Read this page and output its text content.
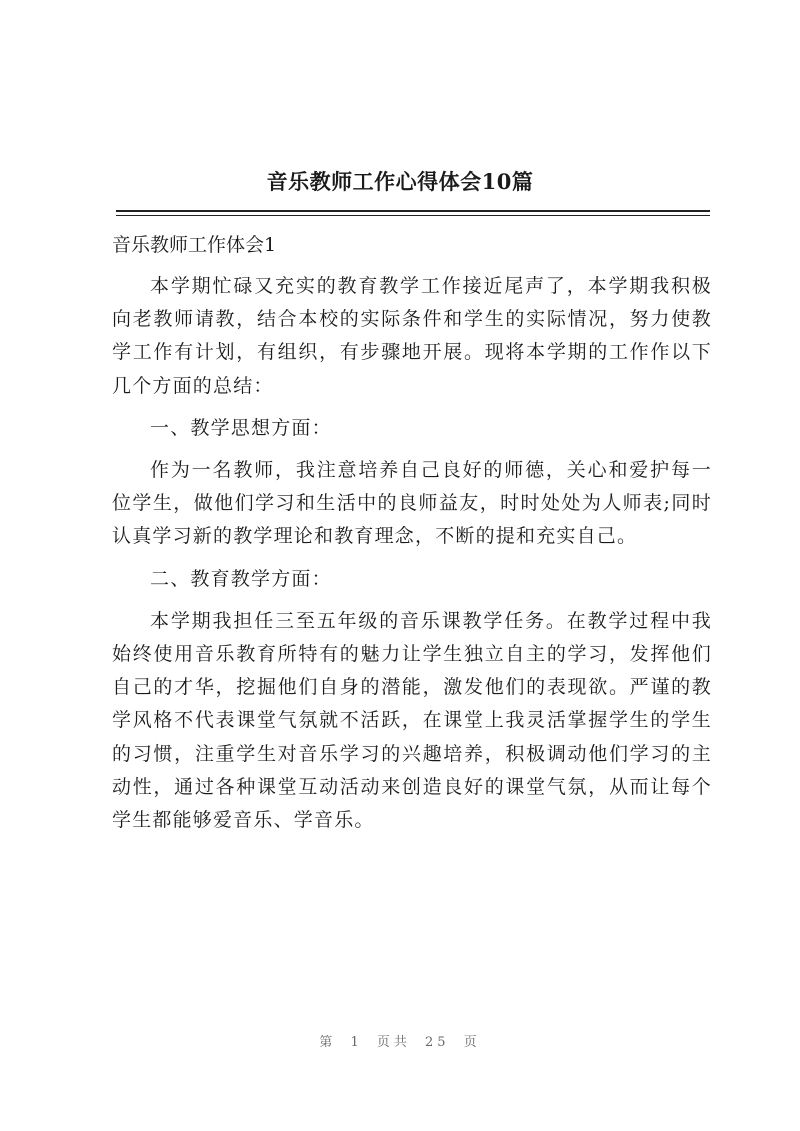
音乐教师工作心得体会10篇

音乐教师工作体会1

本学期忙碌又充实的教育教学工作接近尾声了，本学期我积极向老教师请教，结合本校的实际条件和学生的实际情况，努力使教学工作有计划，有组织，有步骤地开展。现将本学期的工作作以下几个方面的总结：

一、教学思想方面：

作为一名教师，我注意培养自己良好的师德，关心和爱护每一位学生，做他们学习和生活中的良师益友，时时处处为人师表;同时认真学习新的教学理论和教育理念，不断的提和充实自己。

二、教育教学方面：

本学期我担任三至五年级的音乐课教学任务。在教学过程中我始终使用音乐教育所特有的魅力让学生独立自主的学习，发挥他们自己的才华，挖掘他们自身的潜能，激发他们的表现欲。严谨的教学风格不代表课堂气氛就不活跃，在课堂上我灵活掌握学生的学生的习惯，注重学生对音乐学习的兴趣培养，积极调动他们学习的主动性，通过各种课堂互动活动来创造良好的课堂气氛，从而让每个学生都能够爱音乐、学音乐。

第 1 页共 25 页
